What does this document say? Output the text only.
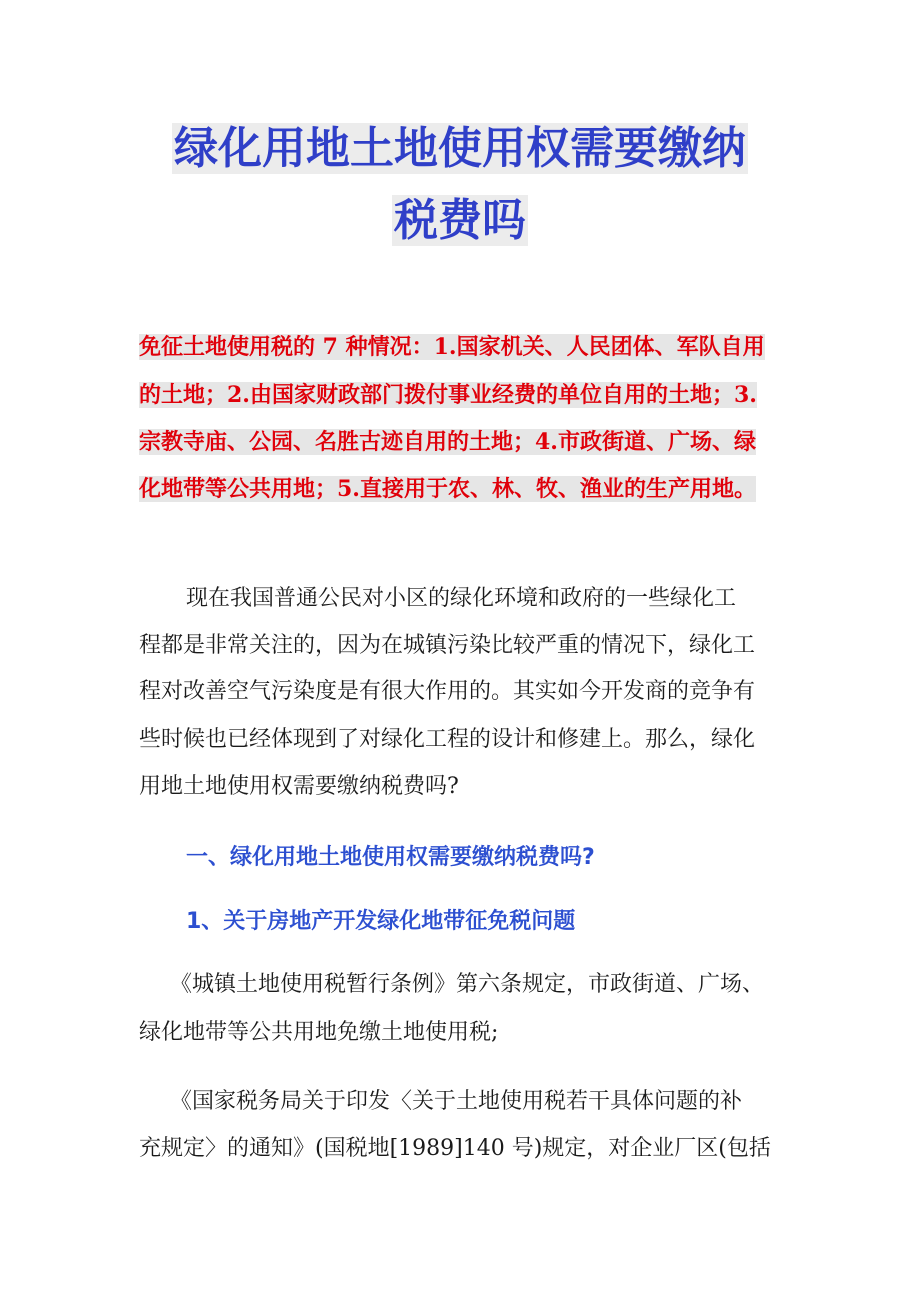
绿化用地土地使用权需要缴纳
税费吗
免征土地使用税的 7 种情况：1.国家机关、人民团体、军队自用
的土地；2.由国家财政部门拨付事业经费的单位自用的土地；3.
宗教寺庙、公园、名胜古迹自用的土地；4.市政街道、广场、绿
化地带等公共用地；5.直接用于农、林、牧、渔业的生产用地。
现在我国普通公民对小区的绿化环境和政府的一些绿化工
程都是非常关注的，因为在城镇污染比较严重的情况下，绿化工
程对改善空气污染度是有很大作用的。其实如今开发商的竞争有
些时候也已经体现到了对绿化工程的设计和修建上。那么，绿化
用地土地使用权需要缴纳税费吗?
一、绿化用地土地使用权需要缴纳税费吗?
1、关于房地产开发绿化地带征免税问题
《城镇土地使用税暂行条例》第六条规定，市政街道、广场、
绿化地带等公共用地免缴土地使用税;
《国家税务局关于印发〈关于土地使用税若干具体问题的补
充规定〉的通知》(国税地[1989]140 号)规定，对企业厂区(包括
